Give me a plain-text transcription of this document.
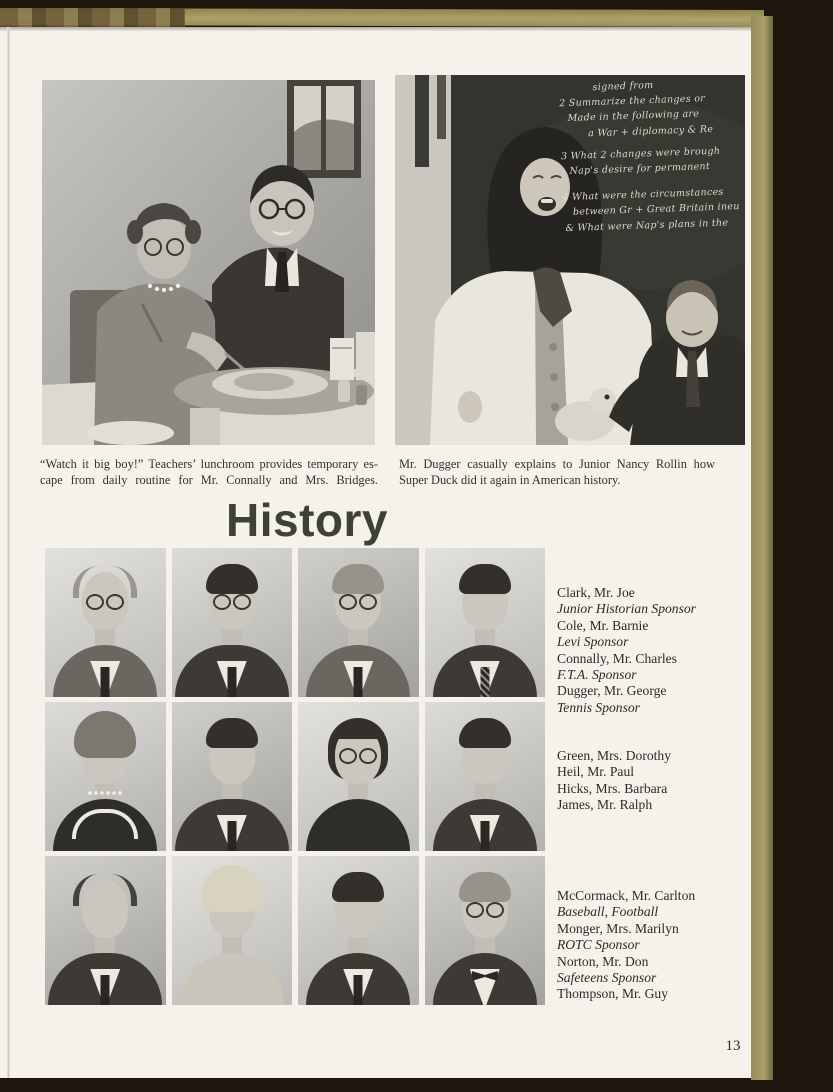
signed from
2 Summarize the changes or
Made in the following are
a War + diplomacy & Re
3 What 2 changes were brough
Nap's desire for permanent
4 What were the circumstances
between Gr + Great Britain ineu
& What were Nap's plans in the
“Watch it big boy!” Teachers’ lunchroom provides temporary es-
cape from daily routine for Mr. Connally and Mrs. Bridges.
Mr. Dugger casually explains to Junior Nancy Rollin how
Super Duck did it again in American history.
History
Clark, Mr. Joe
Junior Historian Sponsor
Cole, Mr. Barnie
Levi Sponsor
Connally, Mr. Charles
F.T.A. Sponsor
Dugger, Mr. George
Tennis Sponsor
Green, Mrs. Dorothy
Heil, Mr. Paul
Hicks, Mrs. Barbara
James, Mr. Ralph
McCormack, Mr. Carlton
Baseball, Football
Monger, Mrs. Marilyn
ROTC Sponsor
Norton, Mr. Don
Safeteens Sponsor
Thompson, Mr. Guy
13
